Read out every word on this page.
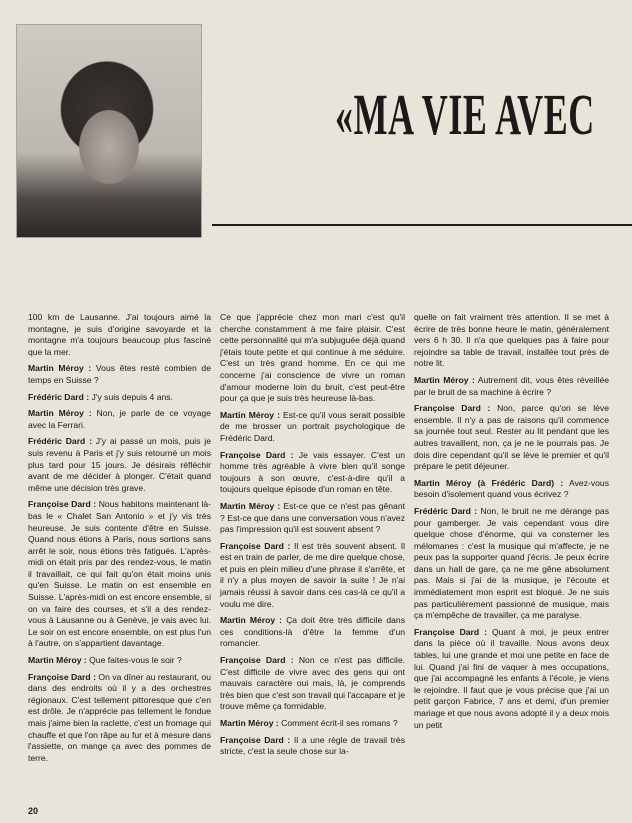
«MA VIE AVEC

100 km de Lausanne. J'ai toujours aimé la montagne, je suis d'origine savoyarde et la montagne m'a toujours beaucoup plus fasciné que la mer.

Martin Méroy : Vous êtes resté combien de temps en Suisse ?

Frédéric Dard : J'y suis depuis 4 ans.

Martin Méroy : Non, je parle de ce voyage avec la Ferrari.

Frédéric Dard : J'y ai passé un mois, puis je suis revenu à Paris et j'y suis retourné un mois plus tard pour 15 jours. Je désirais réfléchir avant de me décider à plonger. C'était quand même une décision très grave.

Françoise Dard : Nous habitons maintenant là-bas le « Chalet San Antonio » et j'y vis très heureuse. Je suis contente d'être en Suisse. Quand nous étions à Paris, nous sortions sans arrêt le soir, nous étions très fatigués. L'après-midi on était pris par des rendez-vous, le matin il travaillait, ce qui fait qu'on était moins unis qu'en Suisse. Le matin on est ensemble en Suisse. L'après-midi on est encore ensemble, si on va faire des courses, et s'il a des rendez-vous à Lausanne ou à Genève, je vais avec lui. Le soir on est encore ensemble, on est plus l'un à l'autre, on s'appartient davantage.

Martin Méroy : Que faites-vous le soir ?

Françoise Dard : On va dîner au restaurant, ou dans des endroits où il y a des orchestres régionaux. C'est tellement pittoresque que c'en est drôle. Je n'apprécie pas tellement le fondue mais j'aime bien la raclette, c'est un fromage qui chauffe et que l'on râpe au fur et à mesure dans l'assiette, on mange ça avec des pommes de terre.

Ce que j'apprécie chez mon mari c'est qu'il cherche constamment à me faire plaisir. C'est cette personnalité qui m'a subjuguée déjà quand j'étais toute petite et qui continue à me séduire. C'est un très grand homme. En ce qui me concerne j'ai conscience de vivre un roman d'amour moderne loin du bruit, c'est peut-être pour ça que je suis très heureuse là-bas.

Martin Méroy : Est-ce qu'il vous serait possible de me brosser un portrait psychologique de Frédéric Dard.

Françoise Dard : Je vais essayer. C'est un homme très agréable à vivre bien qu'il songe toujours à son œuvre, c'est-à-dire qu'il a toujours quelque épisode d'un roman en tête.

Martin Méroy : Est-ce que ce n'est pas gênant ? Est-ce que dans une conversation vous n'avez pas l'impression qu'il est souvent absent ?

Françoise Dard : Il est très souvent absent. Il est en train de parler, de me dire quelque chose, et puis en plein milieu d'une phrase il s'arrête, et il n'y a plus moyen de savoir la suite ! Je n'ai jamais réussi à savoir dans ces cas-là ce qu'il a voulu me dire.

Martin Méroy : Ça doit être très difficile dans ces conditions-là d'être la femme d'un romancier.

Françoise Dard : Non ce n'est pas difficile. C'est difficile de vivre avec des gens qui ont mauvais caractère oui mais, là, je comprends très bien que c'est son travail qui l'accapare et je trouve même ça formidable.

Martin Méroy : Comment écrit-il ses romans ?

Françoise Dard : Il a une règle de travail très stricte, c'est la seule chose sur la-

quelle on fait vraiment très attention. Il se met à écrire de très bonne heure le matin, généralement vers 6 h 30. Il n'a que quelques pas à faire pour rejoindre sa table de travail, installée tout près de notre lit.

Martin Méroy : Autrement dit, vous êtes réveillée par le bruit de sa machine à écrire ?

Françoise Dard : Non, parce qu'on se lève ensemble. Il n'y a pas de raisons qu'il commence sa journée tout seul. Rester au lit pendant que les autres travaillent, non, ça je ne le pourrais pas. Je dois dire cependant qu'il se lève le premier et qu'il prépare le petit déjeuner.

Martin Méroy (à Frédéric Dard) : Avez-vous besoin d'isolement quand vous écrivez ?

Frédéric Dard : Non, le bruit ne me dérange pas pour gamberger. Je vais cependant vous dire quelque chose d'énorme, qui va consterner les mélomanes : c'est la musique qui m'affecte, je ne peux pas la supporter quand j'écris. Je peux écrire dans un hall de gare, ça ne me gêne absolument pas. Mais si j'ai de la musique, je l'écoute et immédiatement mon esprit est bloqué. Je ne suis pas particulièrement passionné de musique, mais ça m'empêche de travailler, ça me paralyse.

Françoise Dard : Quant à moi, je peux entrer dans la pièce où il travaille. Nous avons deux tables, lui une grande et moi une petite en face de lui. Quand j'ai fini de vaquer à mes occupations, que j'ai accompagné les enfants à l'école, je viens le rejoindre. Il faut que je vous précise que j'ai un petit garçon Fabrice, 7 ans et demi, d'un premier mariage et que nous avons adopté il y a deux mois un petit

20
